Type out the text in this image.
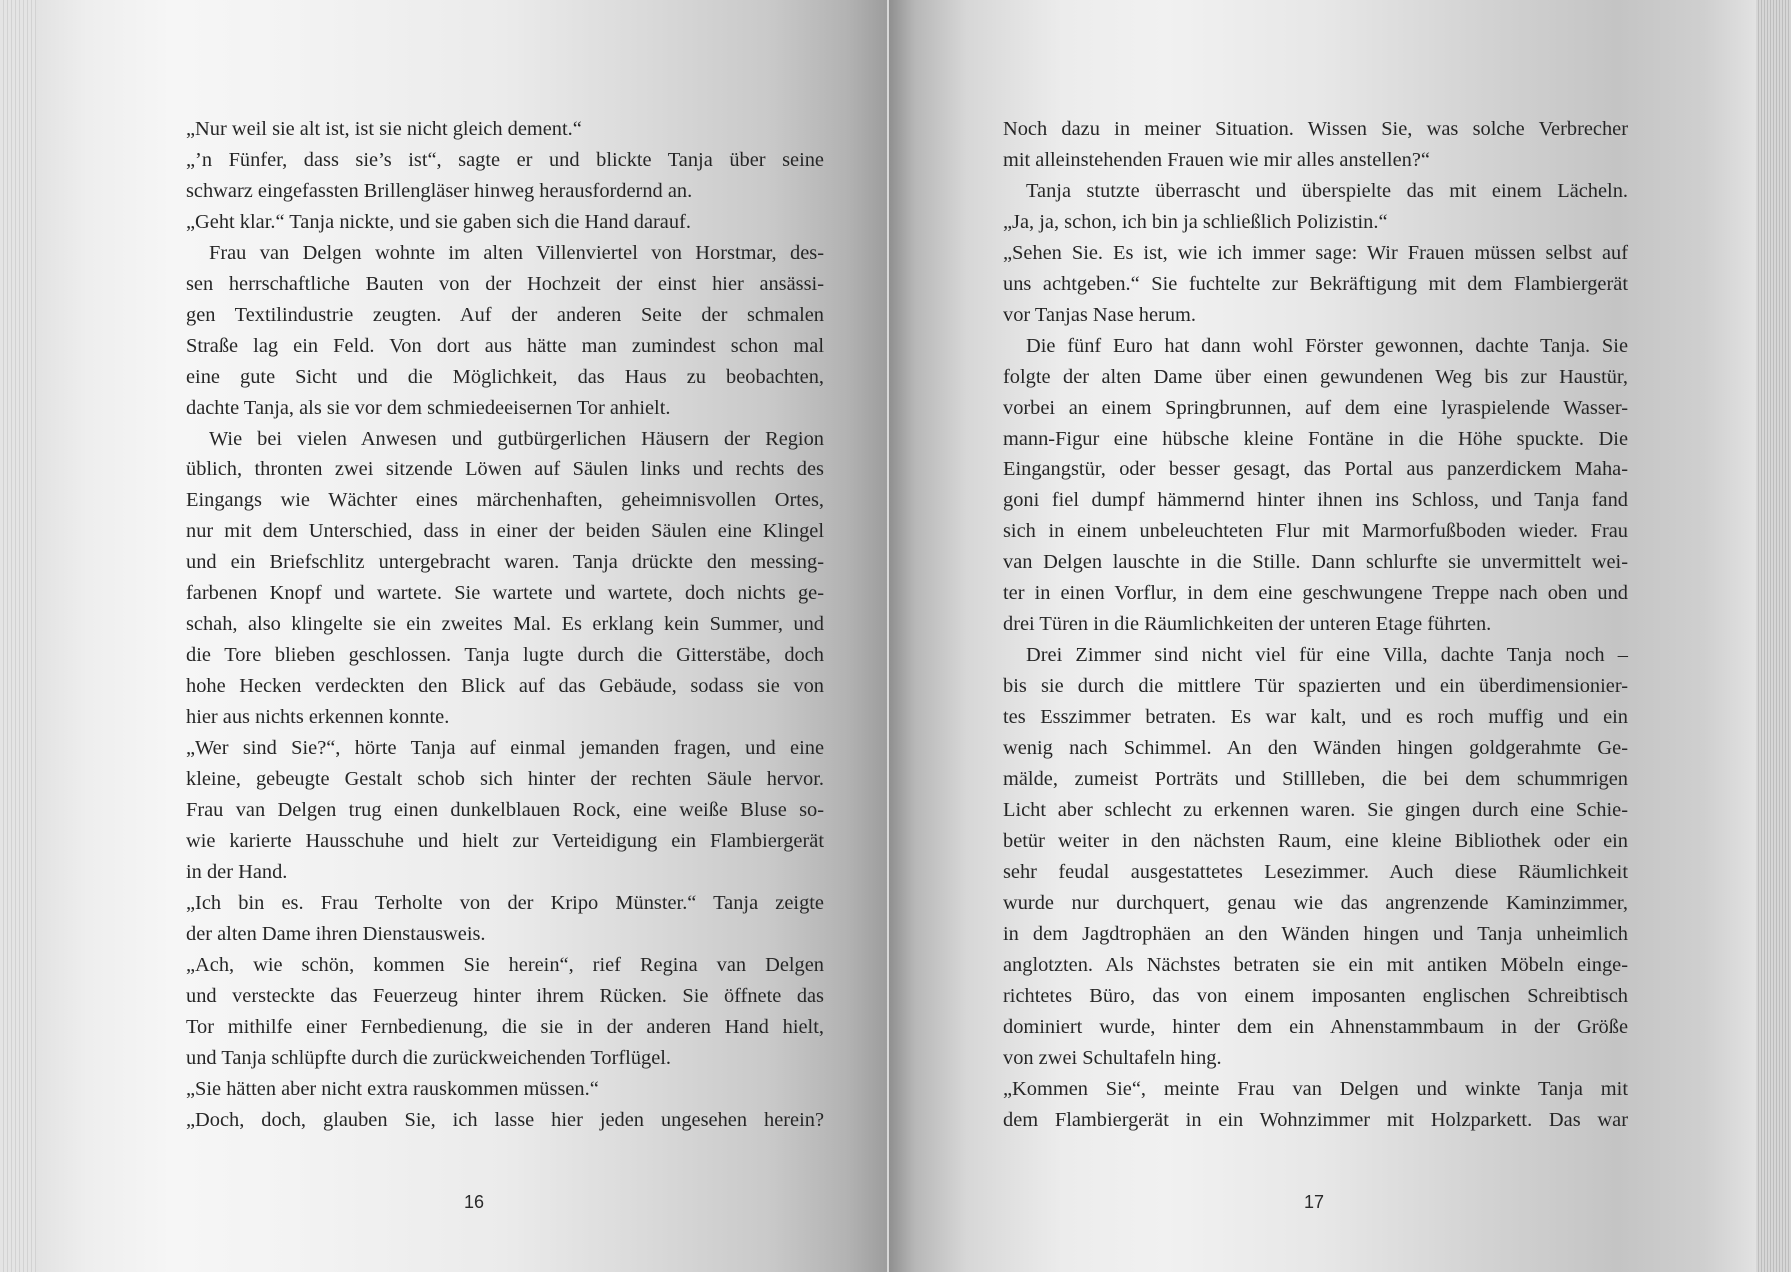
„Nur weil sie alt ist, ist sie nicht gleich dement.“
„’n Fünfer, dass sie’s ist“, sagte er und blickte Tanja über seine
schwarz eingefassten Brillengläser hinweg herausfordernd an.
„Geht klar.“ Tanja nickte, und sie gaben sich die Hand darauf.
Frau van Delgen wohnte im alten Villenviertel von Horstmar, des-
sen herrschaftliche Bauten von der Hochzeit der einst hier ansässi-
gen Textilindustrie zeugten. Auf der anderen Seite der schmalen
Straße lag ein Feld. Von dort aus hätte man zumindest schon mal
eine gute Sicht und die Möglichkeit, das Haus zu beobachten,
dachte Tanja, als sie vor dem schmiedeeisernen Tor anhielt.
Wie bei vielen Anwesen und gutbürgerlichen Häusern der Region
üblich, thronten zwei sitzende Löwen auf Säulen links und rechts des
Eingangs wie Wächter eines märchenhaften, geheimnisvollen Ortes,
nur mit dem Unterschied, dass in einer der beiden Säulen eine Klingel
und ein Briefschlitz untergebracht waren. Tanja drückte den messing-
farbenen Knopf und wartete. Sie wartete und wartete, doch nichts ge-
schah, also klingelte sie ein zweites Mal. Es erklang kein Summer, und
die Tore blieben geschlossen. Tanja lugte durch die Gitterstäbe, doch
hohe Hecken verdeckten den Blick auf das Gebäude, sodass sie von
hier aus nichts erkennen konnte.
„Wer sind Sie?“, hörte Tanja auf einmal jemanden fragen, und eine
kleine, gebeugte Gestalt schob sich hinter der rechten Säule hervor.
Frau van Delgen trug einen dunkelblauen Rock, eine weiße Bluse so-
wie karierte Hausschuhe und hielt zur Verteidigung ein Flambiergerät
in der Hand.
„Ich bin es. Frau Terholte von der Kripo Münster.“ Tanja zeigte
der alten Dame ihren Dienstausweis.
„Ach, wie schön, kommen Sie herein“, rief Regina van Delgen
und versteckte das Feuerzeug hinter ihrem Rücken. Sie öffnete das
Tor mithilfe einer Fernbedienung, die sie in der anderen Hand hielt,
und Tanja schlüpfte durch die zurückweichenden Torflügel.
„Sie hätten aber nicht extra rauskommen müssen.“
„Doch, doch, glauben Sie, ich lasse hier jeden ungesehen herein?
16
Noch dazu in meiner Situation. Wissen Sie, was solche Verbrecher
mit alleinstehenden Frauen wie mir alles anstellen?“
Tanja stutzte überrascht und überspielte das mit einem Lächeln.
„Ja, ja, schon, ich bin ja schließlich Polizistin.“
„Sehen Sie. Es ist, wie ich immer sage: Wir Frauen müssen selbst auf
uns achtgeben.“ Sie fuchtelte zur Bekräftigung mit dem Flambiergerät
vor Tanjas Nase herum.
Die fünf Euro hat dann wohl Förster gewonnen, dachte Tanja. Sie
folgte der alten Dame über einen gewundenen Weg bis zur Haustür,
vorbei an einem Springbrunnen, auf dem eine lyraspielende Wasser-
mann-Figur eine hübsche kleine Fontäne in die Höhe spuckte. Die
Eingangstür, oder besser gesagt, das Portal aus panzerdickem Maha-
goni fiel dumpf hämmernd hinter ihnen ins Schloss, und Tanja fand
sich in einem unbeleuchteten Flur mit Marmorfußboden wieder. Frau
van Delgen lauschte in die Stille. Dann schlurfte sie unvermittelt wei-
ter in einen Vorflur, in dem eine geschwungene Treppe nach oben und
drei Türen in die Räumlichkeiten der unteren Etage führten.
Drei Zimmer sind nicht viel für eine Villa, dachte Tanja noch –
bis sie durch die mittlere Tür spazierten und ein überdimensionier-
tes Esszimmer betraten. Es war kalt, und es roch muffig und ein
wenig nach Schimmel. An den Wänden hingen goldgerahmte Ge-
mälde, zumeist Porträts und Stillleben, die bei dem schummrigen
Licht aber schlecht zu erkennen waren. Sie gingen durch eine Schie-
betür weiter in den nächsten Raum, eine kleine Bibliothek oder ein
sehr feudal ausgestattetes Lesezimmer. Auch diese Räumlichkeit
wurde nur durchquert, genau wie das angrenzende Kaminzimmer,
in dem Jagdtrophäen an den Wänden hingen und Tanja unheimlich
anglotzten. Als Nächstes betraten sie ein mit antiken Möbeln einge-
richtetes Büro, das von einem imposanten englischen Schreibtisch
dominiert wurde, hinter dem ein Ahnenstammbaum in der Größe
von zwei Schultafeln hing.
„Kommen Sie“, meinte Frau van Delgen und winkte Tanja mit
dem Flambiergerät in ein Wohnzimmer mit Holzparkett. Das war
17
